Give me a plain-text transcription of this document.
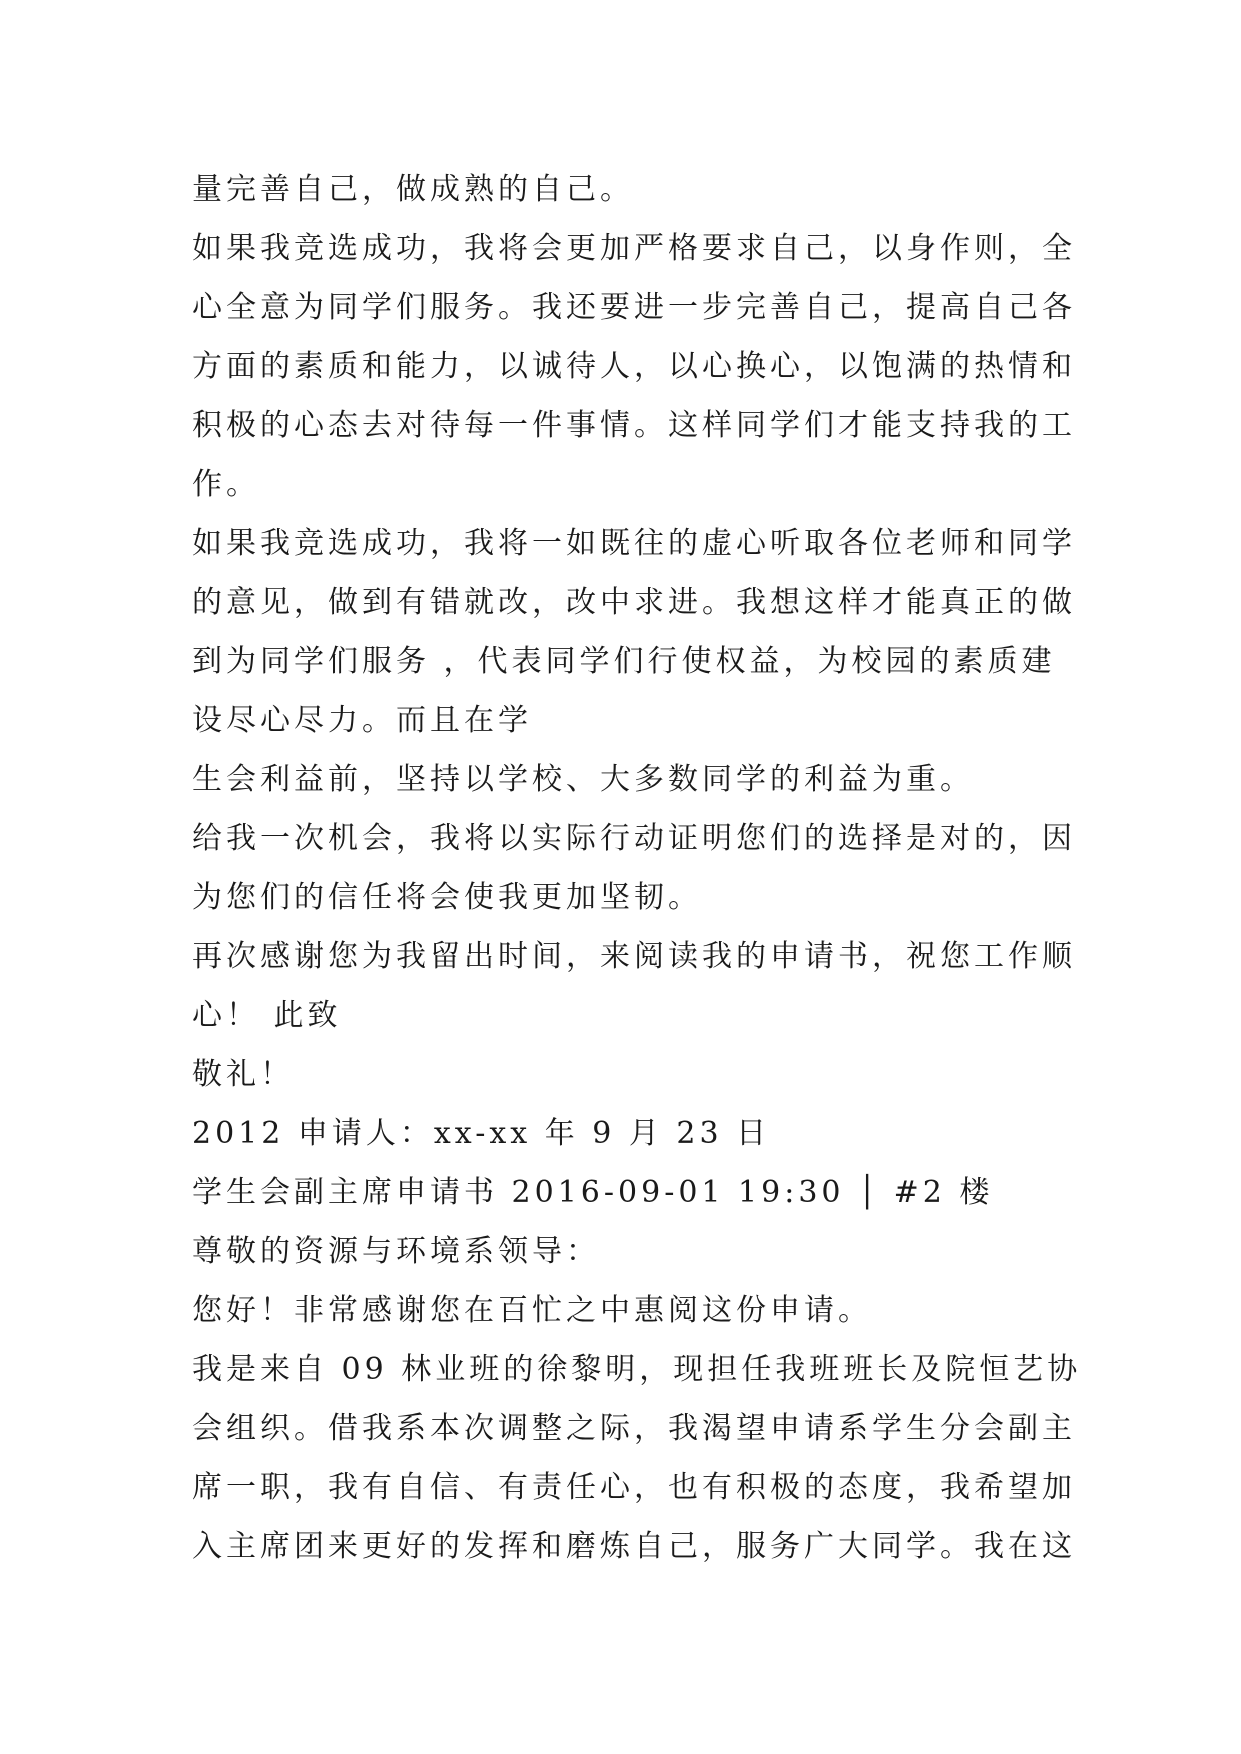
量完善自己，做成熟的自己。
如果我竞选成功，我将会更加严格要求自己，以身作则，全
心全意为同学们服务。我还要进一步完善自己，提高自己各
方面的素质和能力，以诚待人，以心换心，以饱满的热情和
积极的心态去对待每一件事情。这样同学们才能支持我的工
作。
如果我竞选成功，我将一如既往的虚心听取各位老师和同学
的意见，做到有错就改，改中求进。我想这样才能真正的做
到为同学们服务 ，代表同学们行使权益，为校园的素质建
设尽心尽力。而且在学
生会利益前，坚持以学校、大多数同学的利益为重。
给我一次机会，我将以实际行动证明您们的选择是对的，因
为您们的信任将会使我更加坚韧。
再次感谢您为我留出时间，来阅读我的申请书，祝您工作顺
心！ 此致
敬礼！
2012 申请人：xx-xx 年 9 月 23 日
学生会副主席申请书 2016-09-01 19:30 │ #2 楼
尊敬的资源与环境系领导：
您好！非常感谢您在百忙之中惠阅这份申请。
我是来自 09 林业班的徐黎明，现担任我班班长及院恒艺协
会组织。借我系本次调整之际，我渴望申请系学生分会副主
席一职，我有自信、有责任心，也有积极的态度，我希望加
入主席团来更好的发挥和磨炼自己，服务广大同学。我在这
